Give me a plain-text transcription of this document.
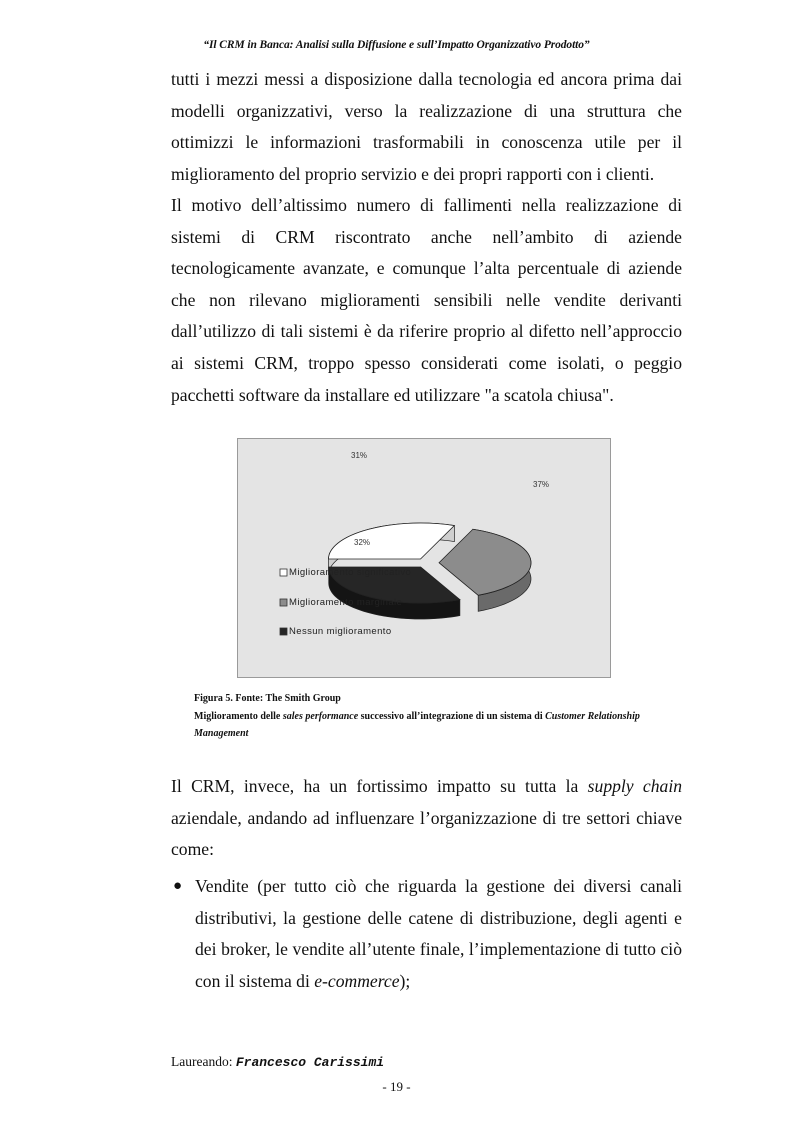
“Il CRM in Banca: Analisi sulla Diffusione e sull’Impatto Organizzativo Prodotto”
tutti i mezzi messi a disposizione dalla tecnologia ed ancora prima dai modelli organizzativi, verso la realizzazione di una struttura che ottimizzi le informazioni trasformabili in conoscenza utile per il miglioramento del proprio servizio e dei propri rapporti con i clienti.
Il motivo dell’altissimo numero di fallimenti nella realizzazione di sistemi di CRM riscontrato anche nell’ambito di aziende tecnologicamente avanzate, e comunque l’alta percentuale di aziende che non rilevano miglioramenti sensibili nelle vendite derivanti dall’utilizzo di tali sistemi è da riferire proprio al difetto nell’approccio ai sistemi CRM, troppo spesso considerati come isolati, o peggio pacchetti software da installare ed utilizzare "a scatola chiusa".
31%
37%
32%
Miglioramento significativo
Miglioramento marginale
Nessun miglioramento
Figura 5. Fonte: The Smith Group
Miglioramento delle sales performance successivo all’integrazione di un sistema di Customer Relationship Management
Il CRM, invece, ha un fortissimo impatto su tutta la supply chain aziendale, andando ad influenzare l’organizzazione di tre settori chiave come:
● Vendite (per tutto ciò che riguarda la gestione dei diversi canali distributivi, la gestione delle catene di distribuzione, degli agenti e dei broker, le vendite all’utente finale, l’implementazione di tutto ciò con il sistema di e-commerce);
Laureando: Francesco Carissimi
- 19 -
